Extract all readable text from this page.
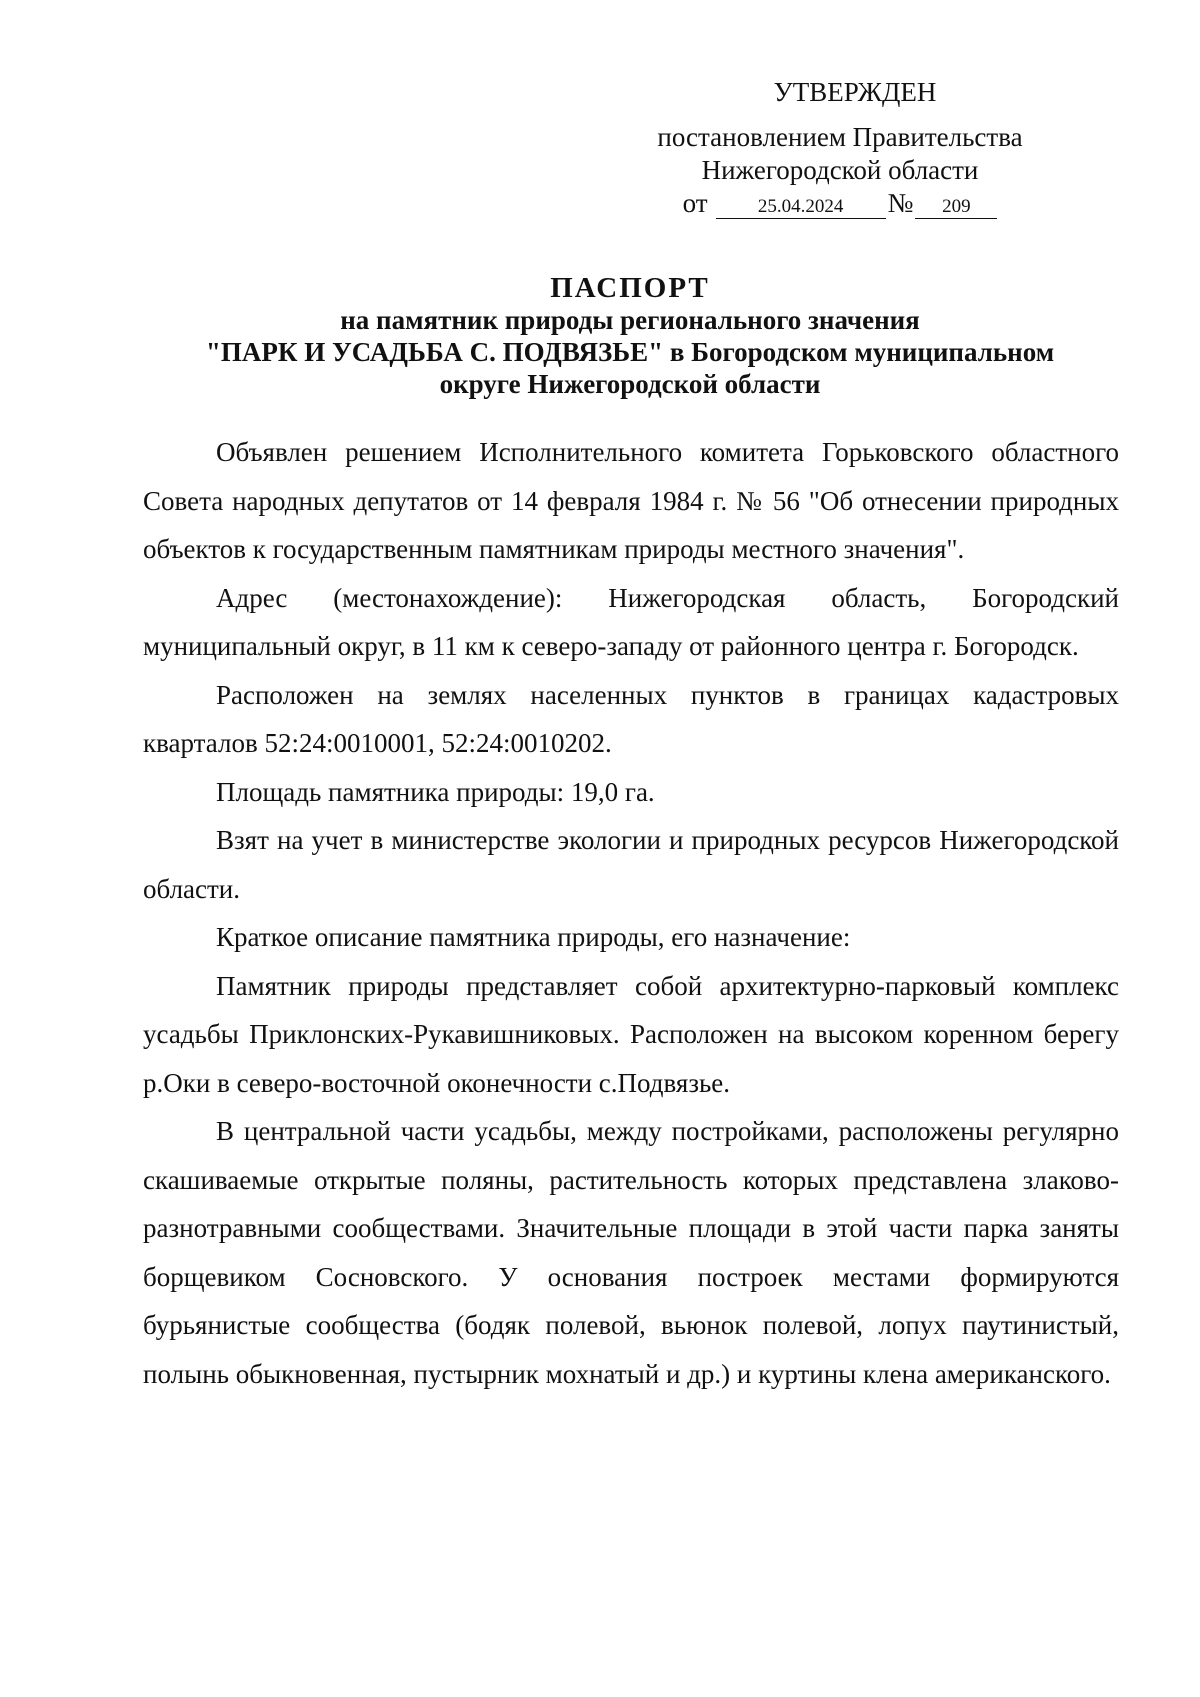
УТВЕРЖДЕН
постановлением Правительства
Нижегородской области
от	25.04.2024	№	209
ПАСПОРТ
на памятник природы регионального значения
"ПАРК И УСАДЬБА С. ПОДВЯЗЬЕ" в Богородском муниципальном
округе Нижегородской области

Объявлен решением Исполнительного комитета Горьковского областного Совета народных депутатов от 14 февраля 1984 г. № 56 "Об отнесении природных объектов к государственным памятникам природы местного значения".

Адрес (местонахождение): Нижегородская область, Богородский муниципальный округ, в 11 км к северо-западу от районного центра г. Богородск.

Расположен на землях населенных пунктов в границах кадастровых кварталов 52:24:0010001, 52:24:0010202.

Площадь памятника природы: 19,0 га.

Взят на учет в министерстве экологии и природных ресурсов Нижегородской области.

Краткое описание памятника природы, его назначение:

Памятник природы представляет собой архитектурно-парковый комплекс усадьбы Приклонских-Рукавишниковых. Расположен на высоком коренном берегу р.Оки в северо-восточной оконечности с.Подвязье.

В центральной части усадьбы, между постройками, расположены регулярно скашиваемые открытые поляны, растительность которых представлена злаково-разнотравными сообществами. Значительные площади в этой части парка заняты борщевиком Сосновского. У основания построек местами формируются бурьянистые сообщества (бодяк полевой, вьюнок полевой, лопух паутинистый, полынь обыкновенная, пустырник мохнатый и др.) и куртины клена американского.
